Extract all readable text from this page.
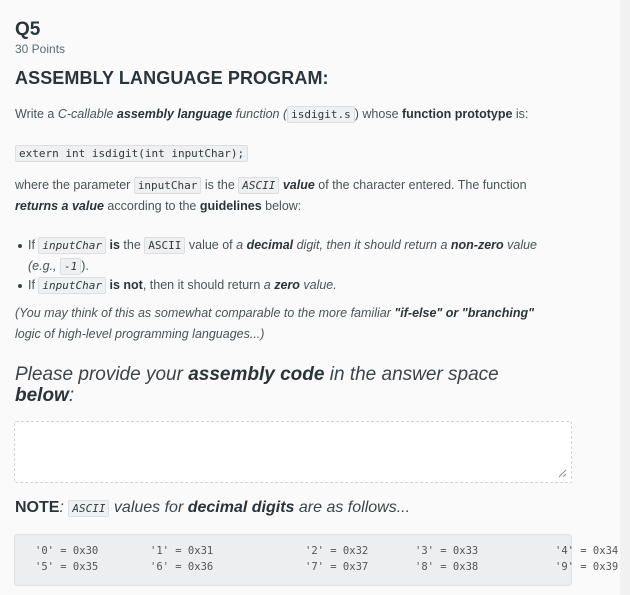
Q5
30 Points
ASSEMBLY LANGUAGE PROGRAM:
Write a C-callable assembly language function ( isdigit.s ) whose function prototype is:
extern int isdigit(int inputChar);
where the parameter inputChar is the ASCII value of the character entered. The function
returns a value according to the guidelines below:
If inputChar is the ASCII value of a decimal digit, then it should return a non-zero value
(e.g., -1 ).
If inputChar is not, then it should return a zero value.
(You may think of this as somewhat comparable to the more familiar "if-else" or "branching"
logic of high-level programming languages...)
Please provide your assembly code in the answer space
below:
NOTE: ASCII values for decimal digits are as follows...
'0' = 0x30	'1' = 0x31	'2' = 0x32	'3' = 0x33	'4' = 0x34
'5' = 0x35	'6' = 0x36	'7' = 0x37	'8' = 0x38	'9' = 0x39
